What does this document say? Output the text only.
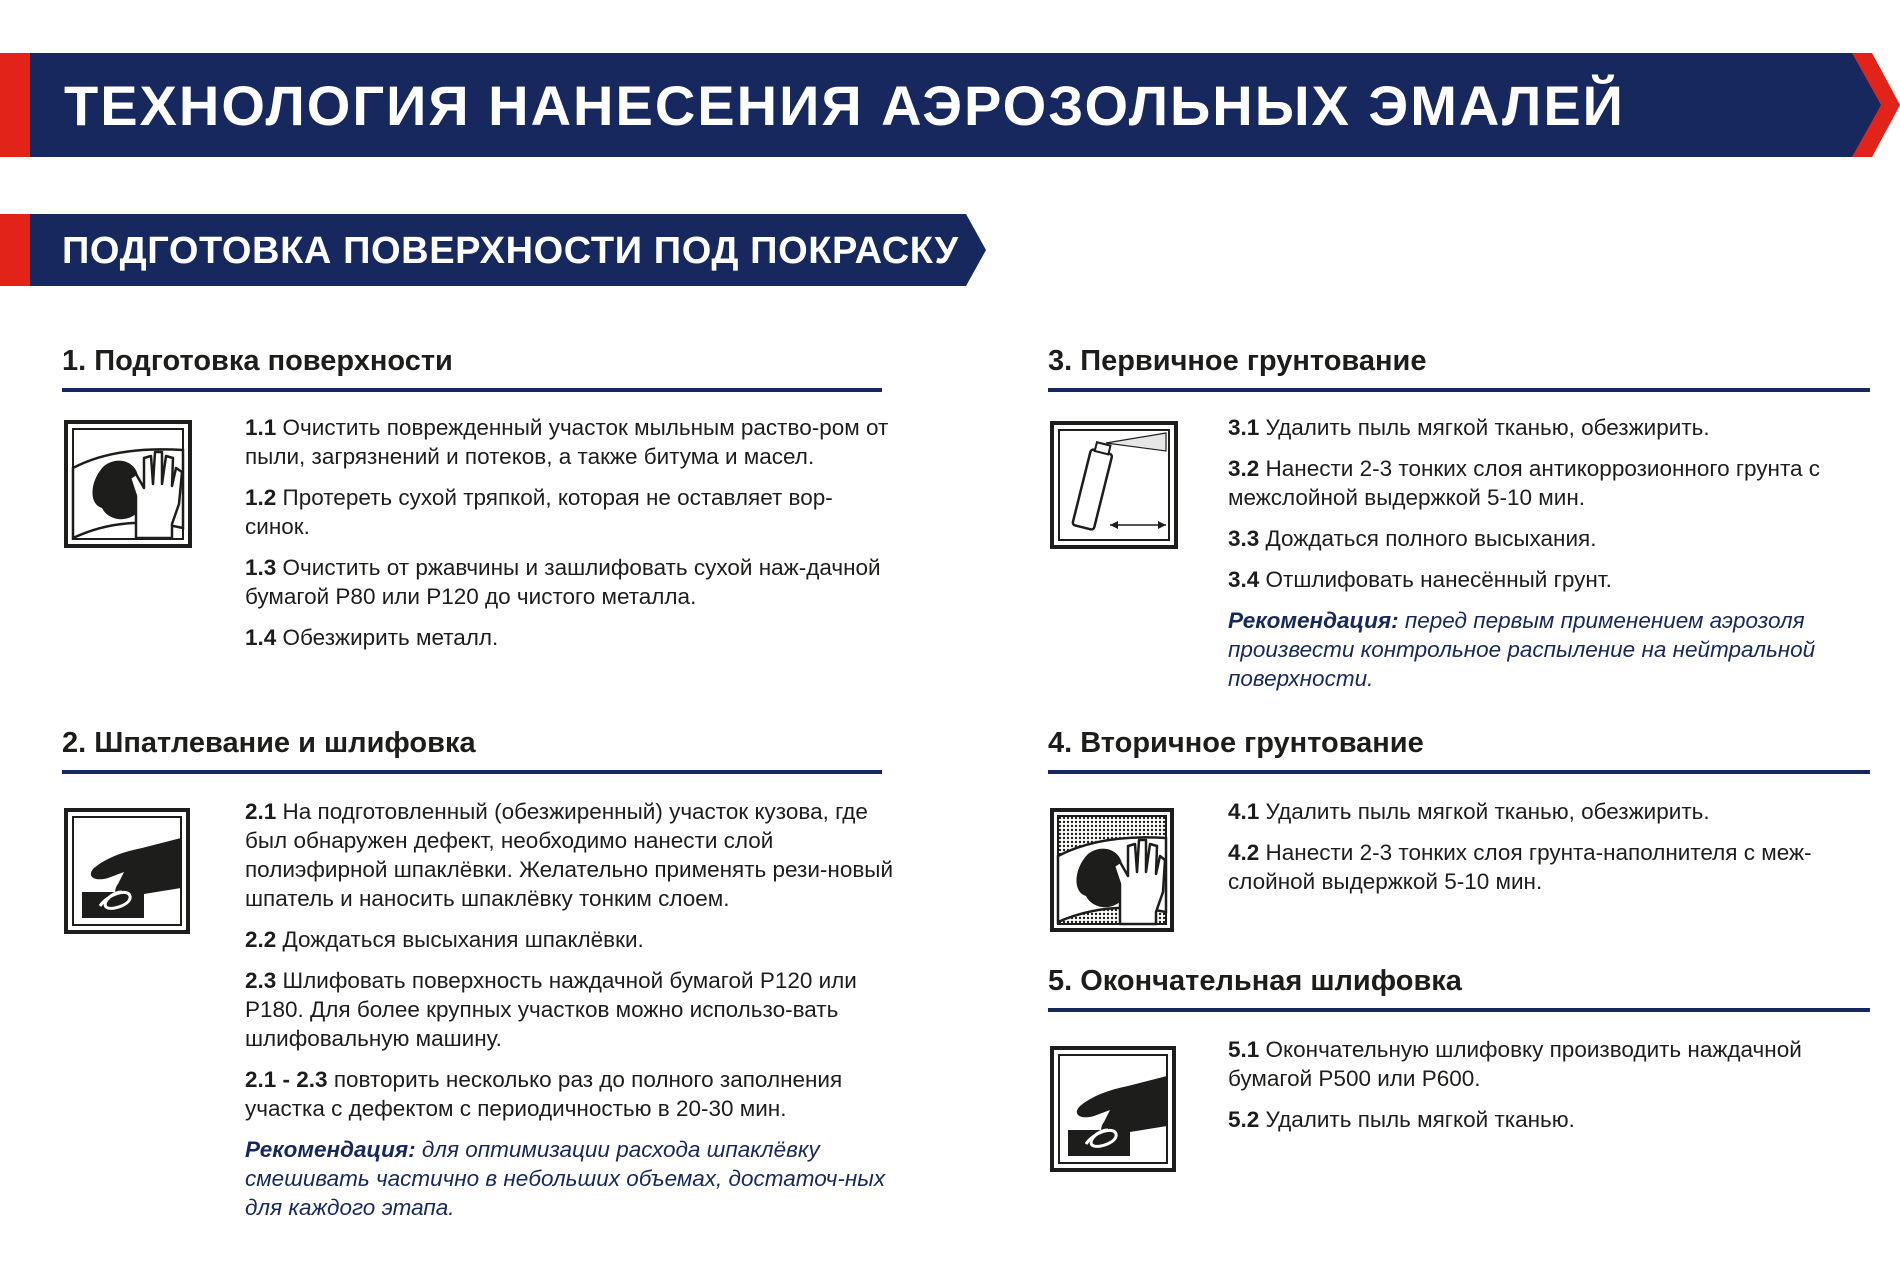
ТЕХНОЛОГИЯ НАНЕСЕНИЯ АЭРОЗОЛЬНЫХ ЭМАЛЕЙ
ПОДГОТОВКА ПОВЕРХНОСТИ ПОД ПОКРАСКУ
1. Подготовка поверхности
1.1 Очистить поврежденный участок мыльным раство-ром от пыли, загрязнений и потеков, а также битума и масел.
1.2 Протереть сухой тряпкой, которая не оставляет вор-синок.
1.3 Очистить от ржавчины и зашлифовать сухой наж-дачной бумагой Р80 или Р120 до чистого металла.
1.4 Обезжирить металл.
2. Шпатлевание и шлифовка
2.1 На подготовленный (обезжиренный) участок кузова, где был обнаружен дефект, необходимо нанести слой полиэфирной шпаклёвки. Желательно применять рези-новый шпатель и наносить шпаклёвку тонким слоем.
2.2 Дождаться высыхания шпаклёвки.
2.3 Шлифовать поверхность наждачной бумагой Р120 или Р180. Для более крупных участков можно использо-вать шлифовальную машину.
2.1 - 2.3 повторить несколько раз до полного заполнения участка с дефектом с периодичностью в 20-30 мин.
Рекомендация: для оптимизации расхода шпаклёвку смешивать частично в небольших объемах, достаточ-ных для каждого этапа.
3. Первичное грунтование
3.1 Удалить пыль мягкой тканью, обезжирить.
3.2 Нанести 2-3 тонких слоя антикоррозионного грунта с межслойной выдержкой 5-10 мин.
3.3 Дождаться полного высыхания.
3.4 Отшлифовать нанесённый грунт.
Рекомендация: перед первым применением аэрозоля произвести контрольное распыление на нейтральной поверхности.
4. Вторичное грунтование
4.1 Удалить пыль мягкой тканью, обезжирить.
4.2 Нанести 2-3 тонких слоя грунта-наполнителя с меж-слойной выдержкой 5-10 мин.
5. Окончательная шлифовка
5.1 Окончательную шлифовку производить наждачной бумагой Р500 или Р600.
5.2 Удалить пыль мягкой тканью.
